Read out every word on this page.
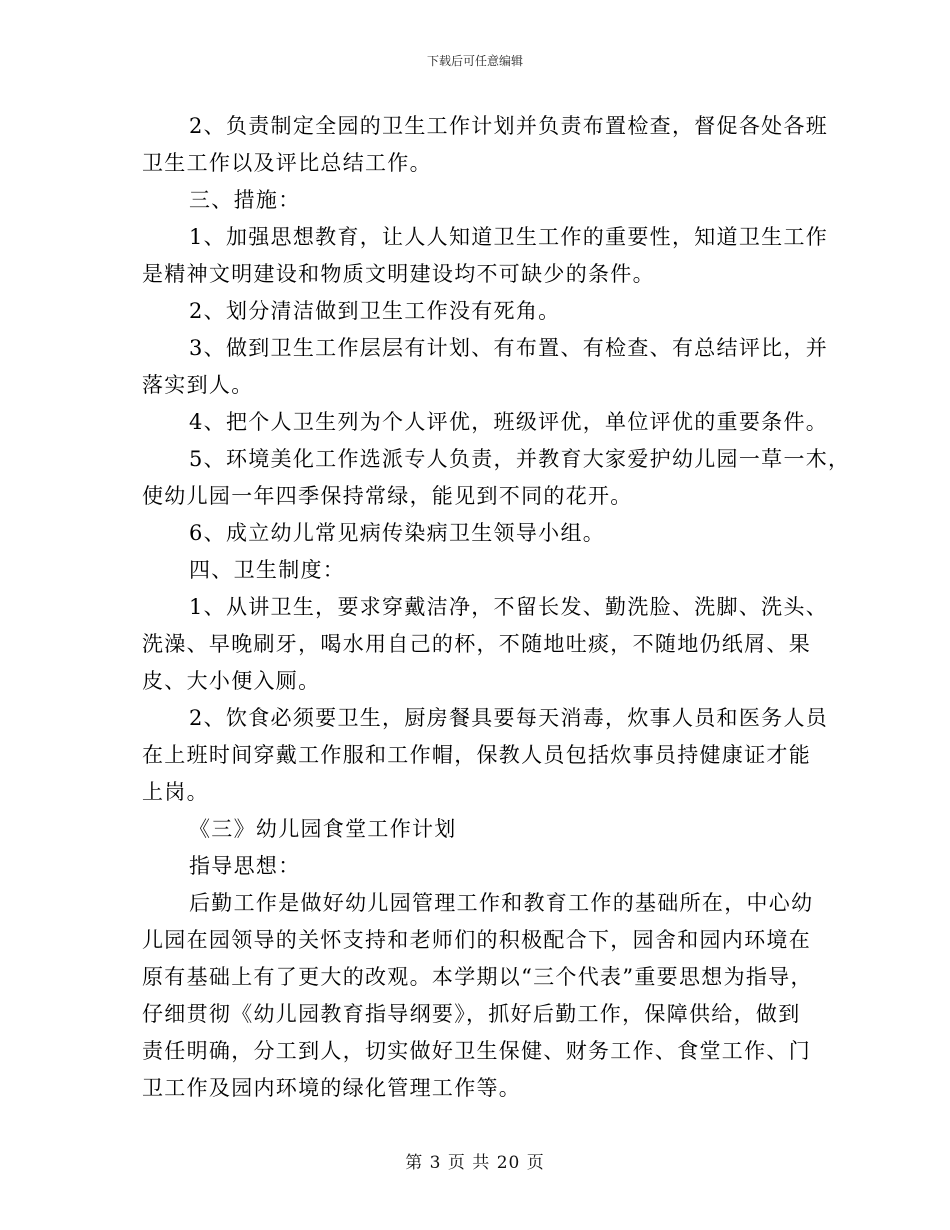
下载后可任意编辑

2、负责制定全园的卫生工作计划并负责布置检查，督促各处各班
卫生工作以及评比总结工作。

三、措施：

1、加强思想教育，让人人知道卫生工作的重要性，知道卫生工作
是精神文明建设和物质文明建设均不可缺少的条件。

2、划分清洁做到卫生工作没有死角。

3、做到卫生工作层层有计划、有布置、有检查、有总结评比，并
落实到人。

4、把个人卫生列为个人评优，班级评优，单位评优的重要条件。

5、环境美化工作选派专人负责，并教育大家爱护幼儿园一草一木，
使幼儿园一年四季保持常绿，能见到不同的花开。

6、成立幼儿常见病传染病卫生领导小组。

四、卫生制度：

1、从讲卫生，要求穿戴洁净，不留长发、勤洗脸、洗脚、洗头、
洗澡、早晚刷牙，喝水用自己的杯，不随地吐痰，不随地仍纸屑、果
皮、大小便入厕。

2、饮食必须要卫生，厨房餐具要每天消毒，炊事人员和医务人员
在上班时间穿戴工作服和工作帽，保教人员包括炊事员持健康证才能
上岗。

《三》幼儿园食堂工作计划

指导思想：

后勤工作是做好幼儿园管理工作和教育工作的基础所在，中心幼
儿园在园领导的关怀支持和老师们的积极配合下，园舍和园内环境在
原有基础上有了更大的改观。本学期以“三个代表”重要思想为指导，
仔细贯彻《幼儿园教育指导纲要》，抓好后勤工作，保障供给，做到
责任明确，分工到人，切实做好卫生保健、财务工作、食堂工作、门
卫工作及园内环境的绿化管理工作等。

第 3 页 共 20 页
